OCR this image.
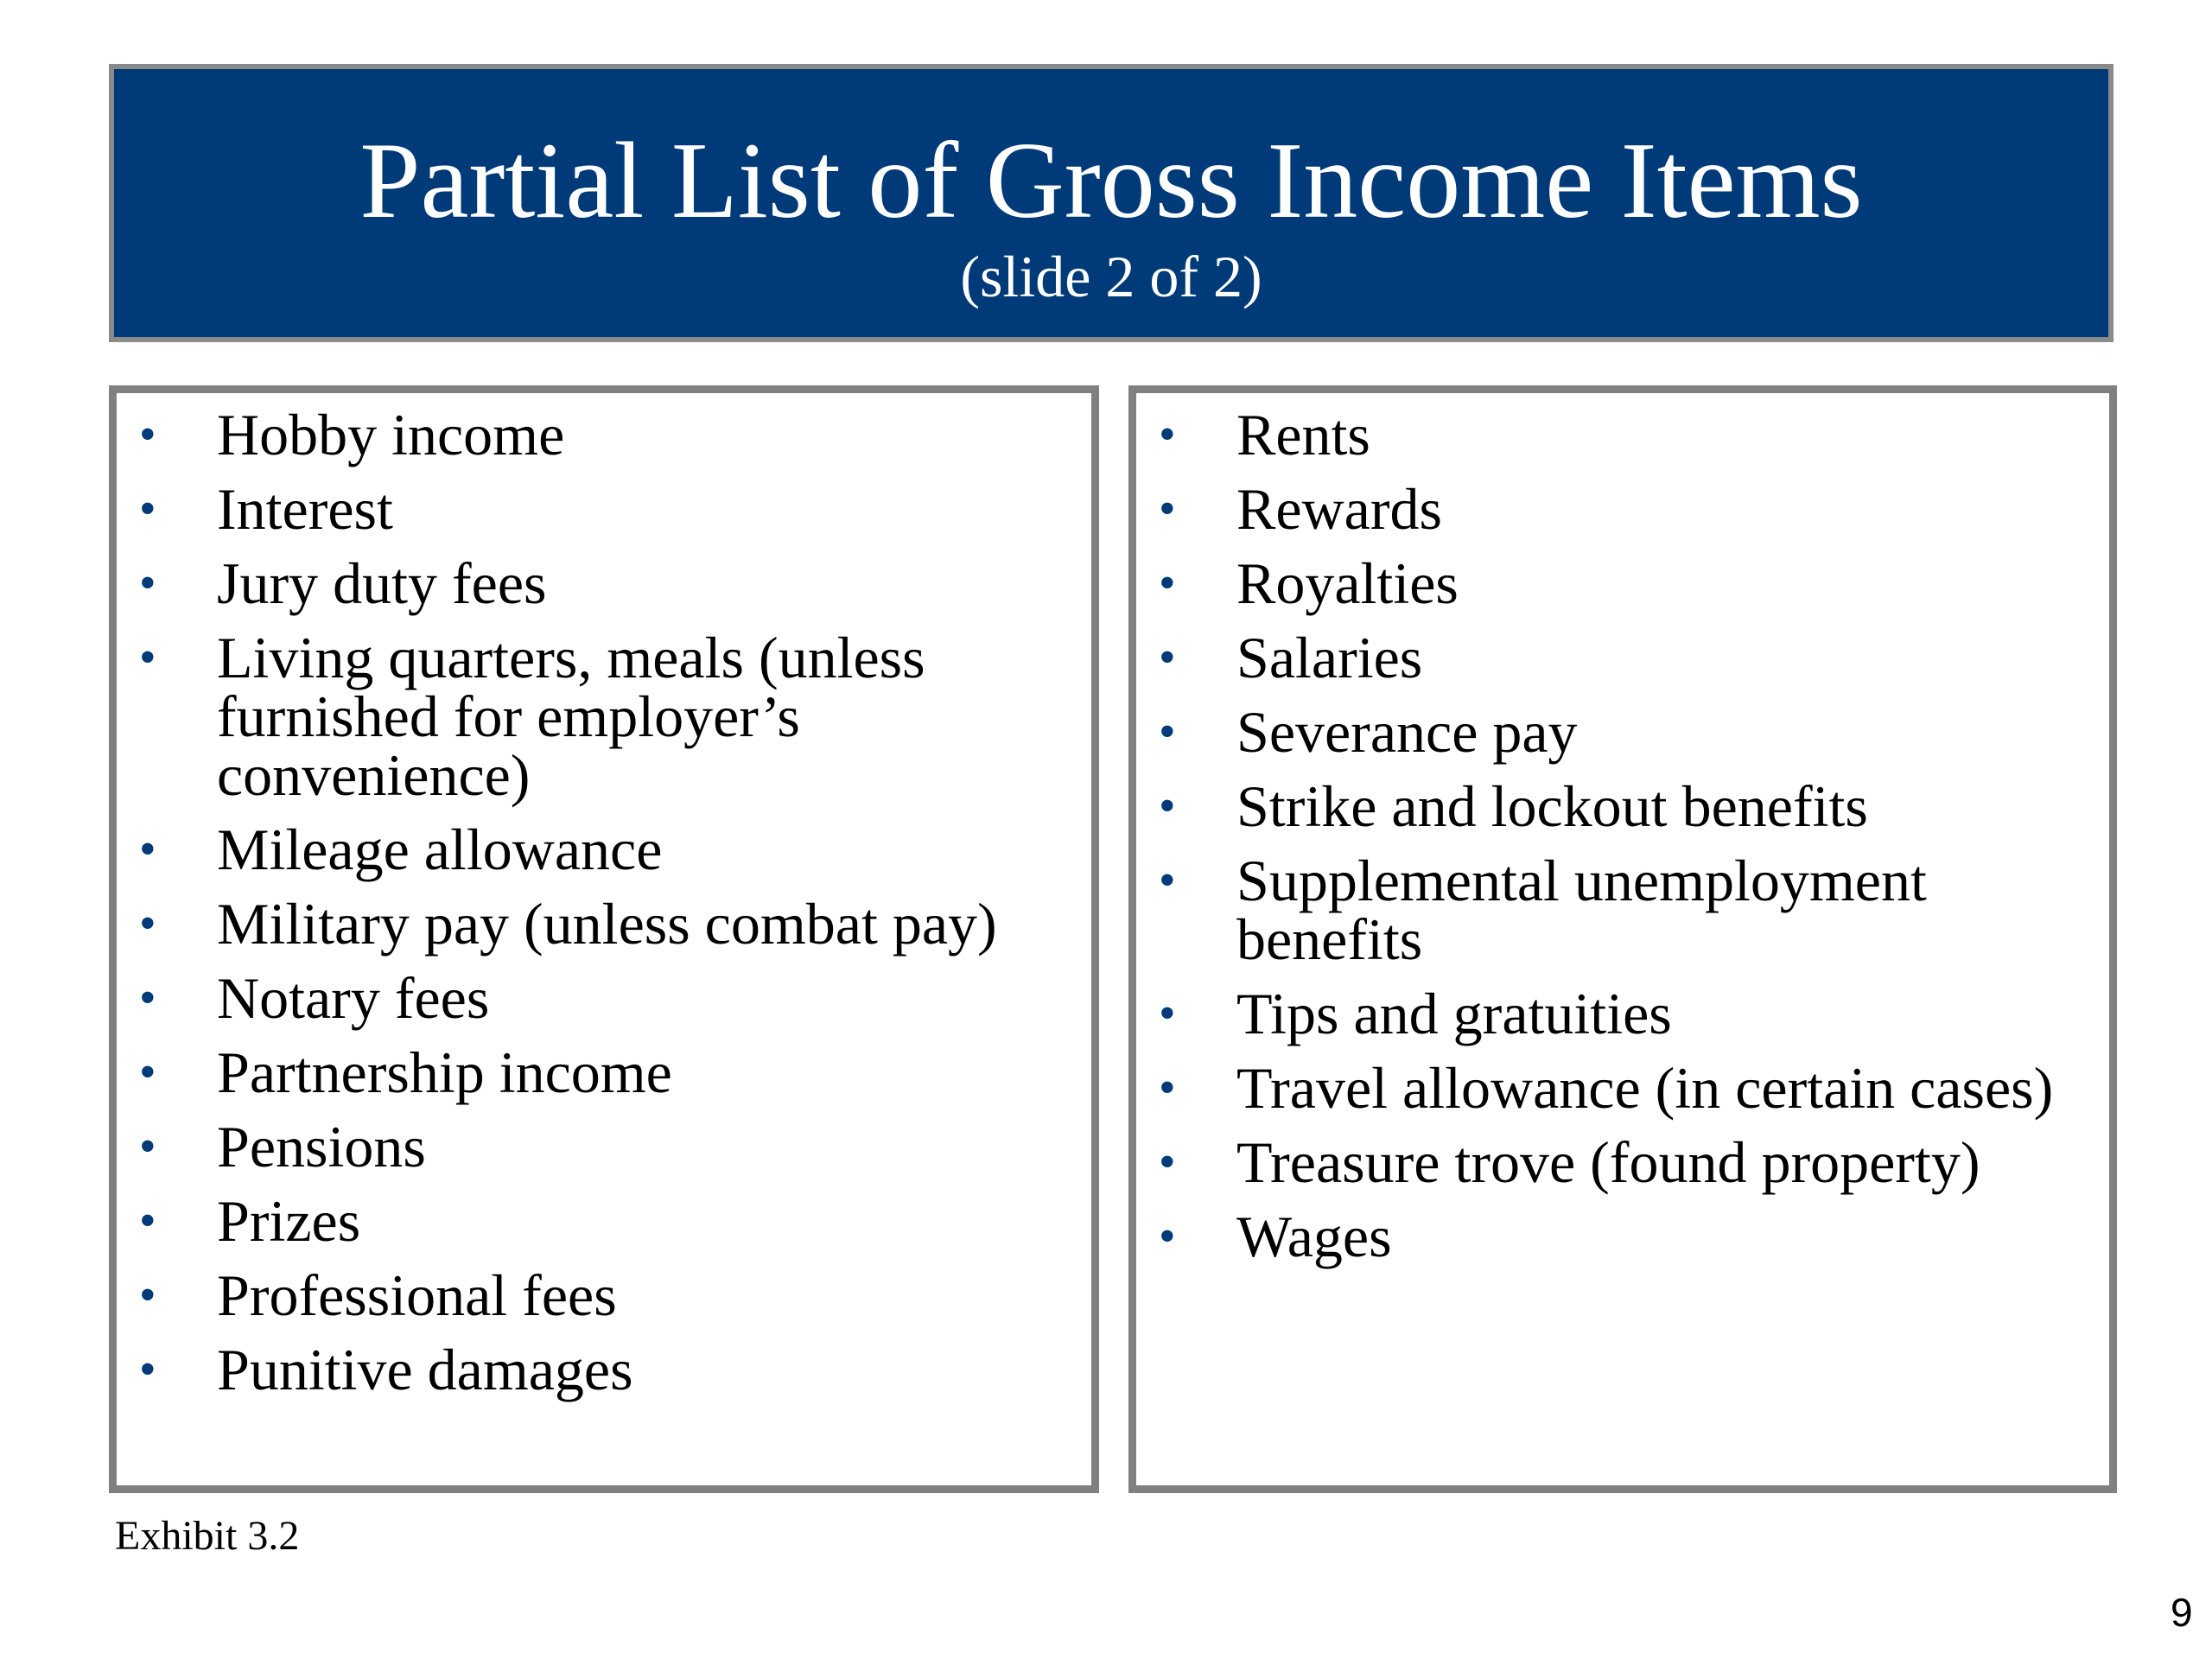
Partial List of Gross Income Items
(slide 2 of 2)
• Hobby income
• Interest
• Jury duty fees
• Living quarters, meals (unless furnished for employer’s convenience)
• Mileage allowance
• Military pay (unless combat pay)
• Notary fees
• Partnership income
• Pensions
• Prizes
• Professional fees
• Punitive damages
• Rents
• Rewards
• Royalties
• Salaries
• Severance pay
• Strike and lockout benefits
• Supplemental unemployment benefits
• Tips and gratuities
• Travel allowance (in certain cases)
• Treasure trove (found property)
• Wages
Exhibit 3.2
9
